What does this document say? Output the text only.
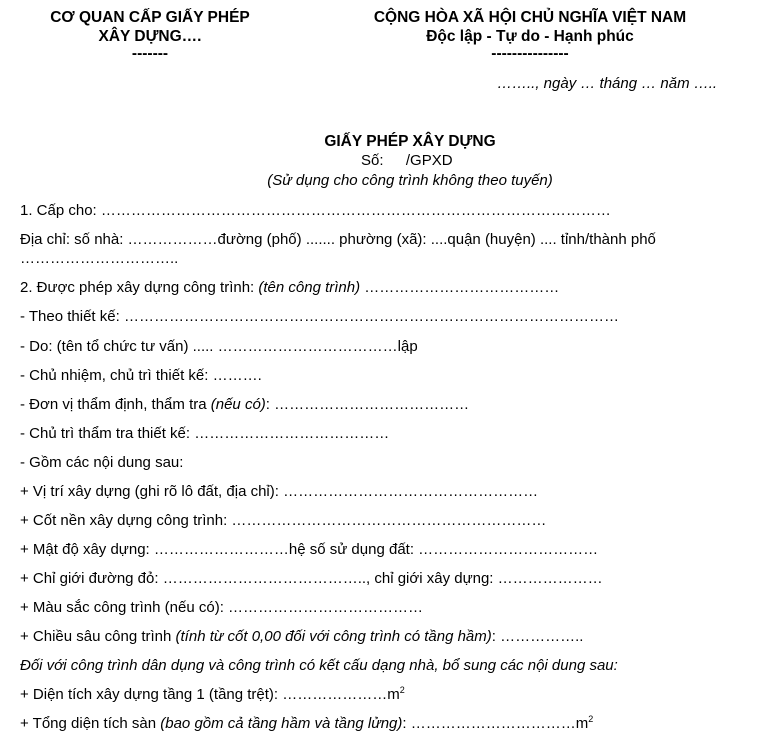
CƠ QUAN CẤP GIẤY PHÉP
XÂY DỰNG….
-------
CỘNG HÒA XÃ HỘI CHỦ NGHĨA VIỆT NAM
Độc lập - Tự do - Hạnh phúc
---------------
…….., ngày … tháng … năm …..
GIẤY PHÉP XÂY DỰNG
Số: /GPXD
(Sử dụng cho công trình không theo tuyến)
1. Cấp cho: …………………………………………………………………………………………
Địa chỉ: số nhà: ………………đường (phố) ....... phường (xã): ....quận (huyện) .... tỉnh/thành phố
…………………………..
2. Được phép xây dựng công trình: (tên công trình) …………………………………
- Theo thiết kế: ………………………………………………………………………………………
- Do: (tên tổ chức tư vấn) ..... ………………………………lập
- Chủ nhiệm, chủ trì thiết kế: ……….
- Đơn vị thẩm định, thẩm tra (nếu có): …………………………………
- Chủ trì thẩm tra thiết kế: …………………………………
- Gồm các nội dung sau:
+ Vị trí xây dựng (ghi rõ lô đất, địa chỉ): ……………………………………………
+ Cốt nền xây dựng công trình: ………………………………………………………
+ Mật độ xây dựng: ………………………hệ số sử dụng đất: ………………………………
+ Chỉ giới đường đỏ: ………………………………….., chỉ giới xây dựng: …………………
+ Màu sắc công trình (nếu có): …………………………………
+ Chiều sâu công trình (tính từ cốt 0,00 đối với công trình có tầng hầm): ……………..
Đối với công trình dân dụng và công trình có kết cấu dạng nhà, bổ sung các nội dung sau:
+ Diện tích xây dựng tầng 1 (tầng trệt): $\dots\dots\dots\dots\dots\dots\dots m^2$
+ Tổng diện tích sàn (bao gồm cả tầng hầm và tầng lửng): $\dots\dots\dots\dots\dots\dots\dots\dots\dots\dots\dots m^2$
